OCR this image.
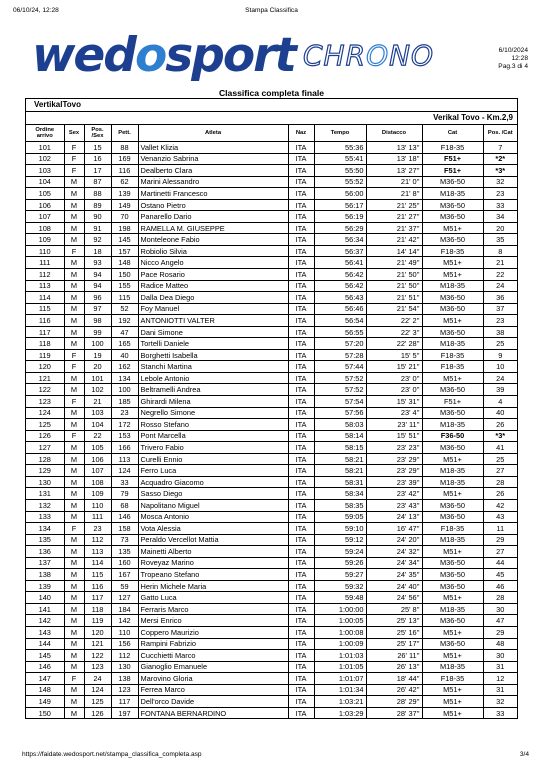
06/10/24, 12:28	Stampa Classifica
wedosport CHRONO	6/10/2024
12:28
Pag.3 di 4
Classifica completa finale
VertikalTovo
Verikal Tovo - Km.2,9
Ordine arrivo	Sex	Pos. /Sex	Pett.	Atleta	Naz	Tempo	Distacco	Cat	Pos. /Cat
101	F	15	88	Vallet Klizia	ITA	55:36	13' 13''	F18-35	7
102	F	16	169	Venanzio Sabrina	ITA	55:41	13' 18''	F51+	*2*
103	F	17	116	Dealberto Clara	ITA	55:50	13' 27''	F51+	*3*
104	M	87	62	Marini Alessandro	ITA	55:52	21' 0''	M36-50	32
105	M	88	139	Martinetti Francesco	ITA	56:00	21' 8''	M18-35	23
106	M	89	149	Ostano Pietro	ITA	56:17	21' 25''	M36-50	33
107	M	90	70	Panarello Dario	ITA	56:19	21' 27''	M36-50	34
108	M	91	198	RAMELLA M. GIUSEPPE	ITA	56:29	21' 37''	M51+	20
109	M	92	145	Monteleone Fabio	ITA	56:34	21' 42''	M36-50	35
110	F	18	157	Robiolio Silvia	ITA	56:37	14' 14''	F18-35	8
111	M	93	148	Nicco Angelo	ITA	56:41	21' 49''	M51+	21
112	M	94	150	Pace Rosario	ITA	56:42	21' 50''	M51+	22
113	M	94	155	Radice Matteo	ITA	56:42	21' 50''	M18-35	24
114	M	96	115	Dalla Dea Diego	ITA	56:43	21' 51''	M36-50	36
115	M	97	52	Foy Manuel	ITA	56:46	21' 54''	M36-50	37
116	M	98	192	ANTONIOTTI VALTER	ITA	56:54	22' 2''	M51+	23
117	M	99	47	Dani Simone	ITA	56:55	22' 3''	M36-50	38
118	M	100	165	Tortelli Daniele	ITA	57:20	22' 28''	M18-35	25
119	F	19	40	Borghetti Isabella	ITA	57:28	15' 5''	F18-35	9
120	F	20	162	Stanchi Martina	ITA	57:44	15' 21''	F18-35	10
121	M	101	134	Lebole Antonio	ITA	57:52	23' 0''	M51+	24
122	M	102	100	Beltramelli Andrea	ITA	57:52	23' 0''	M36-50	39
123	F	21	185	Ghirardi Milena	ITA	57:54	15' 31''	F51+	4
124	M	103	23	Negrello Simone	ITA	57:56	23' 4''	M36-50	40
125	M	104	172	Rosso Stefano	ITA	58:03	23' 11''	M18-35	26
126	F	22	153	Pont Marcella	ITA	58:14	15' 51''	F36-50	*3*
127	M	105	166	Trivero Fabio	ITA	58:15	23' 23''	M36-50	41
128	M	106	113	Curelli Ennio	ITA	58:21	23' 29''	M51+	25
129	M	107	124	Ferro Luca	ITA	58:21	23' 29''	M18-35	27
130	M	108	33	Acquadro Giacomo	ITA	58:31	23' 39''	M18-35	28
131	M	109	79	Sasso Diego	ITA	58:34	23' 42''	M51+	26
132	M	110	68	Napolitano Miguel	ITA	58:35	23' 43''	M36-50	42
133	M	111	146	Mosca Antonio	ITA	59:05	24' 13''	M36-50	43
134	F	23	158	Vota Alessia	ITA	59:10	16' 47''	F18-35	11
135	M	112	73	Peraldo Vercellot Mattia	ITA	59:12	24' 20''	M18-35	29
136	M	113	135	Mainetti Alberto	ITA	59:24	24' 32''	M51+	27
137	M	114	160	Roveyaz Marino	ITA	59:26	24' 34''	M36-50	44
138	M	115	167	Tropeano Stefano	ITA	59:27	24' 35''	M36-50	45
139	M	116	59	Herin Michele Maria	ITA	59:32	24' 40''	M36-50	46
140	M	117	127	Gatto Luca	ITA	59:48	24' 56''	M51+	28
141	M	118	184	Ferraris Marco	ITA	1:00:00	25' 8''	M18-35	30
142	M	119	142	Mersi Enrico	ITA	1:00:05	25' 13''	M36-50	47
143	M	120	110	Coppero Maurizio	ITA	1:00:08	25' 16''	M51+	29
144	M	121	156	Rampini Fabrizio	ITA	1:00:09	25' 17''	M36-50	48
145	M	122	112	Cucchietti Marco	ITA	1:01:03	26' 11''	M51+	30
146	M	123	130	Gianoglio Emanuele	ITA	1:01:05	26' 13''	M18-35	31
147	F	24	138	Marovino Gloria	ITA	1:01:07	18' 44''	F18-35	12
148	M	124	123	Ferrea Marco	ITA	1:01:34	26' 42''	M51+	31
149	M	125	117	Dell'orco Davide	ITA	1:03:21	28' 29''	M51+	32
150	M	126	197	FONTANA BERNARDINO	ITA	1:03:29	28' 37''	M51+	33
https://faidate.wedosport.net/stampa_classifica_completa.asp	3/4
